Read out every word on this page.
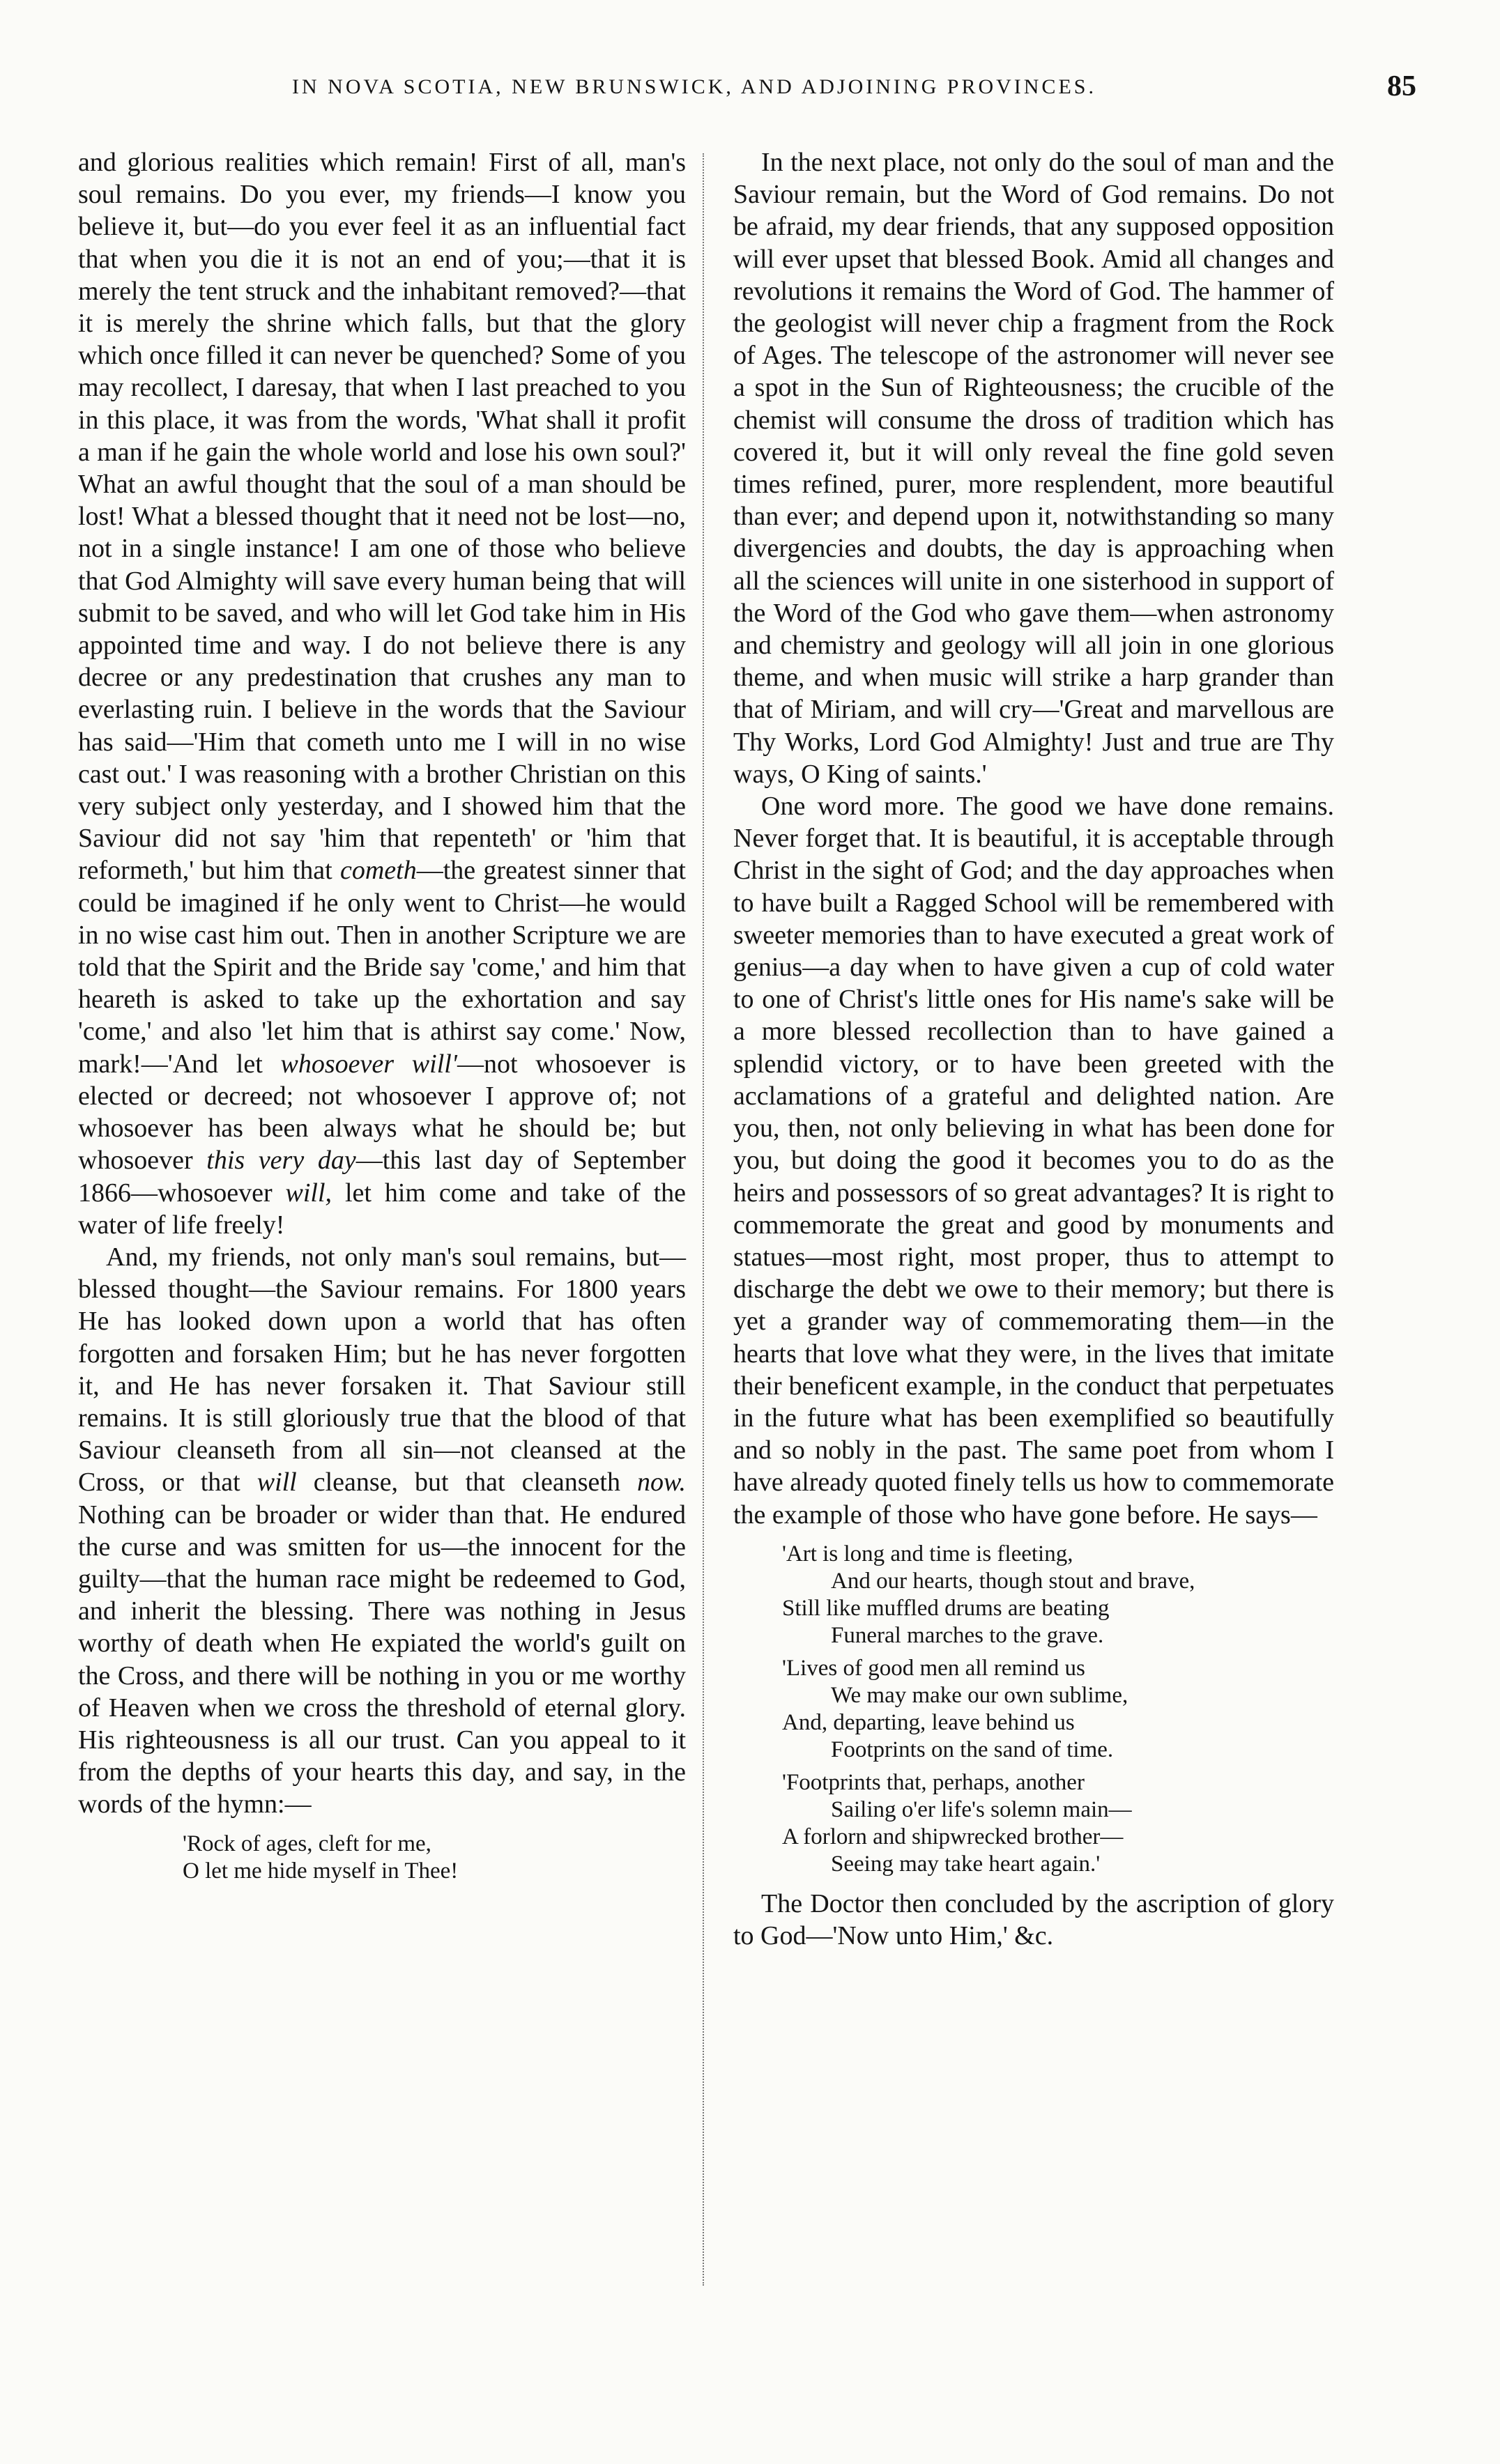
IN NOVA SCOTIA, NEW BRUNSWICK, AND ADJOINING PROVINCES.	85

and glorious realities which remain! First of all, man's soul remains. Do you ever, my friends—I know you believe it, but—do you ever feel it as an influential fact that when you die it is not an end of you;—that it is merely the tent struck and the inhabitant removed?—that it is merely the shrine which falls, but that the glory which once filled it can never be quenched? Some of you may recollect, I daresay, that when I last preached to you in this place, it was from the words, 'What shall it profit a man if he gain the whole world and lose his own soul?' What an awful thought that the soul of a man should be lost! What a blessed thought that it need not be lost—no, not in a single instance! I am one of those who believe that God Almighty will save every human being that will submit to be saved, and who will let God take him in His appointed time and way. I do not believe there is any decree or any predestination that crushes any man to everlasting ruin. I believe in the words that the Saviour has said—'Him that cometh unto me I will in no wise cast out.' I was reasoning with a brother Christian on this very subject only yesterday, and I showed him that the Saviour did not say 'him that repenteth' or 'him that reformeth,' but him that cometh—the greatest sinner that could be imagined if he only went to Christ—he would in no wise cast him out. Then in another Scripture we are told that the Spirit and the Bride say 'come,' and him that heareth is asked to take up the exhortation and say 'come,' and also 'let him that is athirst say come.' Now, mark!—'And let whosoever will'—not whosoever is elected or decreed; not whosoever I approve of; not whosoever has been always what he should be; but whosoever this very day—this last day of September 1866—whosoever will, let him come and take of the water of life freely!

And, my friends, not only man's soul remains, but—blessed thought—the Saviour remains. For 1800 years He has looked down upon a world that has often forgotten and forsaken Him; but he has never forgotten it, and He has never forsaken it. That Saviour still remains. It is still gloriously true that the blood of that Saviour cleanseth from all sin—not cleansed at the Cross, or that will cleanse, but that cleanseth now. Nothing can be broader or wider than that. He endured the curse and was smitten for us—the innocent for the guilty—that the human race might be redeemed to God, and inherit the blessing. There was nothing in Jesus worthy of death when He expiated the world's guilt on the Cross, and there will be nothing in you or me worthy of Heaven when we cross the threshold of eternal glory. His righteousness is all our trust. Can you appeal to it from the depths of your hearts this day, and say, in the words of the hymn:—

'Rock of ages, cleft for me,
O let me hide myself in Thee!

In the next place, not only do the soul of man and the Saviour remain, but the Word of God remains. Do not be afraid, my dear friends, that any supposed opposition will ever upset that blessed Book. Amid all changes and revolutions it remains the Word of God. The hammer of the geologist will never chip a fragment from the Rock of Ages. The telescope of the astronomer will never see a spot in the Sun of Righteousness; the crucible of the chemist will consume the dross of tradition which has covered it, but it will only reveal the fine gold seven times refined, purer, more resplendent, more beautiful than ever; and depend upon it, notwithstanding so many divergencies and doubts, the day is approaching when all the sciences will unite in one sisterhood in support of the Word of the God who gave them—when astronomy and chemistry and geology will all join in one glorious theme, and when music will strike a harp grander than that of Miriam, and will cry—'Great and marvellous are Thy Works, Lord God Almighty! Just and true are Thy ways, O King of saints.'

One word more. The good we have done remains. Never forget that. It is beautiful, it is acceptable through Christ in the sight of God; and the day approaches when to have built a Ragged School will be remembered with sweeter memories than to have executed a great work of genius—a day when to have given a cup of cold water to one of Christ's little ones for His name's sake will be a more blessed recollection than to have gained a splendid victory, or to have been greeted with the acclamations of a grateful and delighted nation. Are you, then, not only believing in what has been done for you, but doing the good it becomes you to do as the heirs and possessors of so great advantages? It is right to commemorate the great and good by monuments and statues—most right, most proper, thus to attempt to discharge the debt we owe to their memory; but there is yet a grander way of commemorating them—in the hearts that love what they were, in the lives that imitate their beneficent example, in the conduct that perpetuates in the future what has been exemplified so beautifully and so nobly in the past. The same poet from whom I have already quoted finely tells us how to commemorate the example of those who have gone before. He says—

'Art is long and time is fleeting,
And our hearts, though stout and brave,
Still like muffled drums are beating
Funeral marches to the grave.
'Lives of good men all remind us
We may make our own sublime,
And, departing, leave behind us
Footprints on the sand of time.
'Footprints that, perhaps, another
Sailing o'er life's solemn main—
A forlorn and shipwrecked brother—
Seeing may take heart again.'

The Doctor then concluded by the ascription of glory to God—'Now unto Him,' &c.
